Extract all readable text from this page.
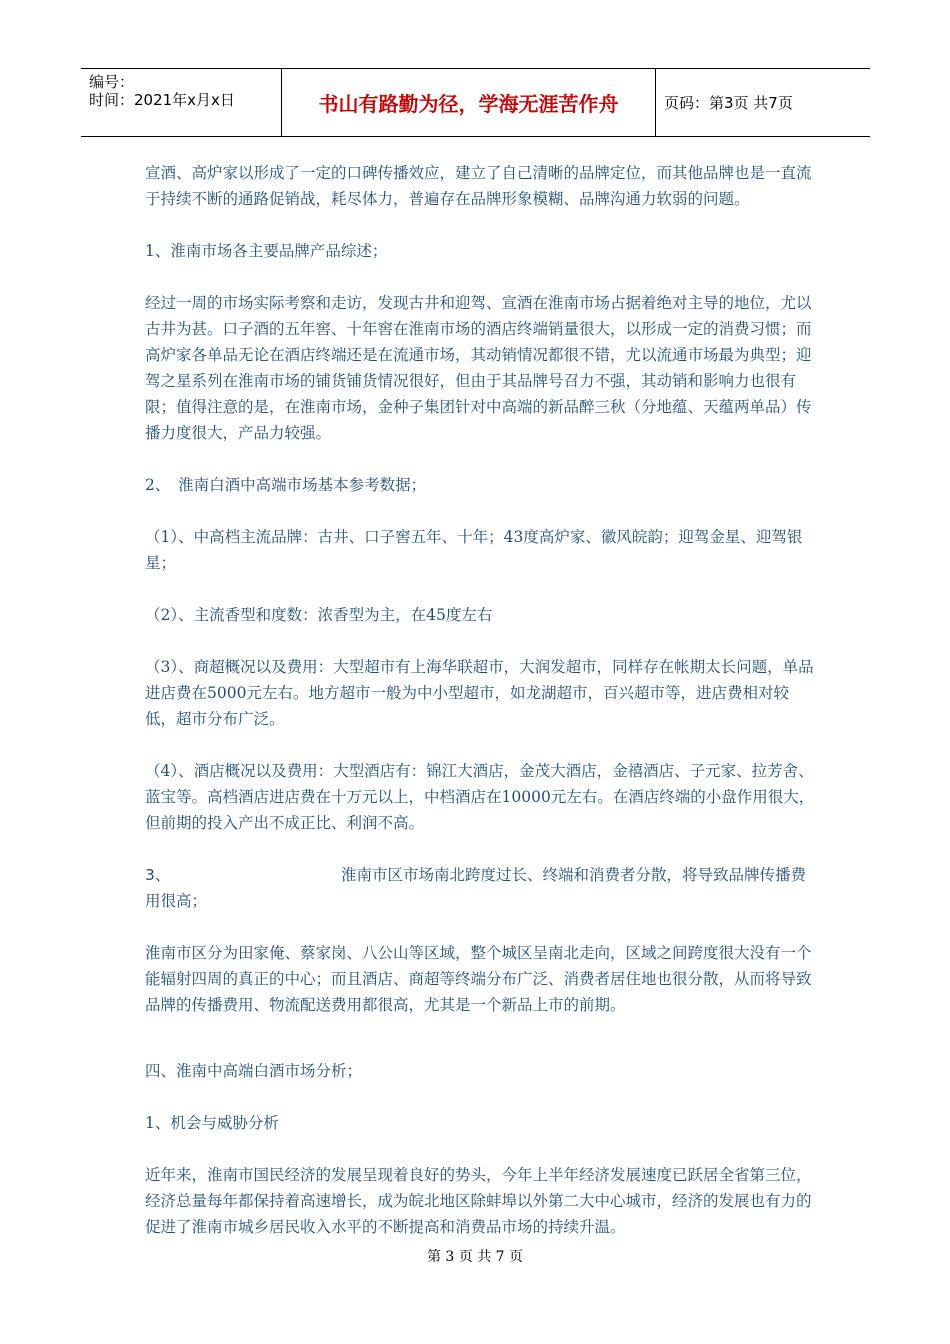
编号：
时间：2021年x月x日	书山有路勤为径，学海无涯苦作舟	页码：第3页 共7页

宣酒、高炉家以形成了一定的口碑传播效应，建立了自己清晰的品牌定位，而其他品牌也是一直流于持续不断的通路促销战，耗尽体力，普遍存在品牌形象模糊、品牌沟通力软弱的问题。

1、淮南市场各主要品牌产品综述；

经过一周的市场实际考察和走访，发现古井和迎驾、宣酒在淮南市场占据着绝对主导的地位，尤以古井为甚。口子酒的五年窖、十年窖在淮南市场的酒店终端销量很大，以形成一定的消费习惯；而高炉家各单品无论在酒店终端还是在流通市场，其动销情况都很不错，尤以流通市场最为典型；迎驾之星系列在淮南市场的铺货铺货情况很好，但由于其品牌号召力不强，其动销和影响力也很有限；值得注意的是，在淮南市场，金种子集团针对中高端的新品醉三秋（分地蕴、天蕴两单品）传播力度很大，产品力较强。

2、　淮南白酒中高端市场基本参考数据；

（1）、中高档主流品牌：古井、口子窖五年、十年；43度高炉家、徽风皖韵；迎驾金星、迎驾银星；

（2）、主流香型和度数：浓香型为主，在45度左右

（3）、商超概况以及费用：大型超市有上海华联超市，大润发超市，同样存在帐期太长问题，单品进店费在5000元左右。地方超市一般为中小型超市，如龙湖超市，百兴超市等，进店费相对较低，超市分布广泛。

（4）、酒店概况以及费用：大型酒店有：锦江大酒店，金茂大酒店，金禧酒店、子元家、拉芳舍、蓝宝等。高档酒店进店费在十万元以上，中档酒店在10000元左右。在酒店终端的小盘作用很大，但前期的投入产出不成正比、利润不高。

3、	淮南市区市场南北跨度过长、终端和消费者分散，将导致品牌传播费用很高；

淮南市区分为田家俺、蔡家岗、八公山等区域，整个城区呈南北走向，区域之间跨度很大没有一个能辐射四周的真正的中心；而且酒店、商超等终端分布广泛、消费者居住地也很分散，从而将导致品牌的传播费用、物流配送费用都很高，尤其是一个新品上市的前期。

四、淮南中高端白酒市场分析；

1、机会与威胁分析

近年来，淮南市国民经济的发展呈现着良好的势头，今年上半年经济发展速度已跃居全省第三位，经济总量每年都保持着高速增长，成为皖北地区除蚌埠以外第二大中心城市，经济的发展也有力的促进了淮南市城乡居民收入水平的不断提高和消费品市场的持续升温。

第 3 页 共 7 页
